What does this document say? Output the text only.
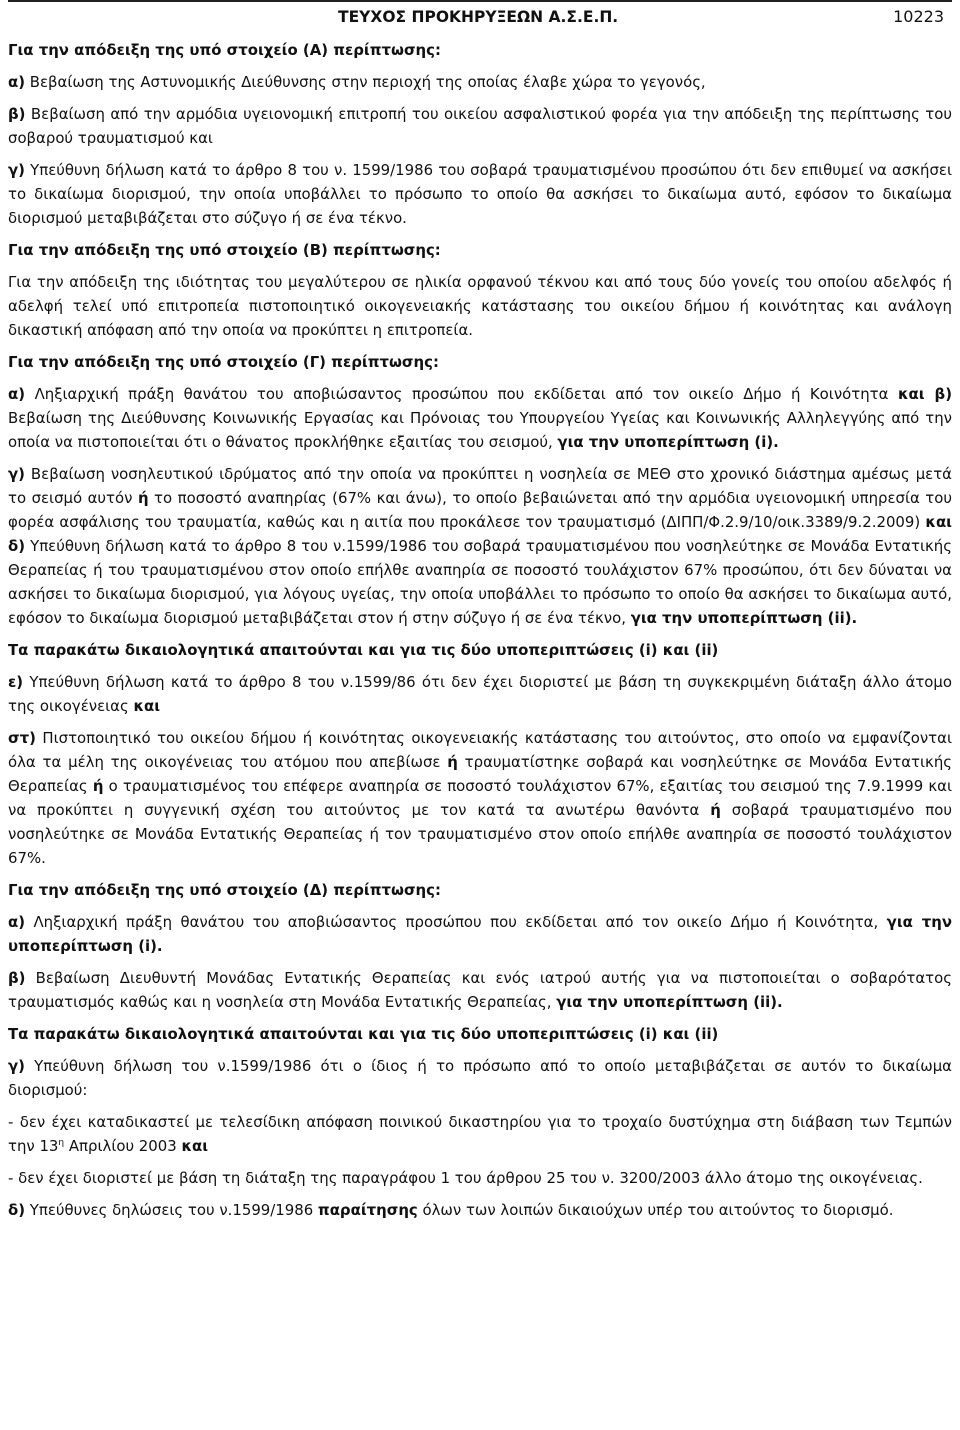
ΤΕΥΧΟΣ ΠΡΟΚΗΡΥΞΕΩΝ Α.Σ.Ε.Π.	10223
Για την απόδειξη της υπό στοιχείο (Α) περίπτωσης:

α) Βεβαίωση της Αστυνομικής Διεύθυνσης στην περιοχή της οποίας έλαβε χώρα το γεγονός,

β) Βεβαίωση από την αρμόδια υγειονομική επιτροπή του οικείου ασφαλιστικού φορέα για την απόδειξη της περίπτωσης του σοβαρού τραυματισμού και

γ) Υπεύθυνη δήλωση κατά το άρθρο 8 του ν. 1599/1986 του σοβαρά τραυματισμένου προσώπου ότι δεν επιθυμεί να ασκήσει το δικαίωμα διορισμού, την οποία υποβάλλει το πρόσωπο το οποίο θα ασκήσει το δικαίωμα αυτό, εφόσον το δικαίωμα διορισμού μεταβιβάζεται στο σύζυγο ή σε ένα τέκνο.

Για την απόδειξη της υπό στοιχείο (Β) περίπτωσης:

Για την απόδειξη της ιδιότητας του μεγαλύτερου σε ηλικία ορφανού τέκνου και από τους δύο γονείς του οποίου αδελφός ή αδελφή τελεί υπό επιτροπεία πιστοποιητικό οικογενειακής κατάστασης του οικείου δήμου ή κοινότητας και ανάλογη δικαστική απόφαση από την οποία να προκύπτει η επιτροπεία.

Για την απόδειξη της υπό στοιχείο (Γ) περίπτωσης:

α) Ληξιαρχική πράξη θανάτου του αποβιώσαντος προσώπου που εκδίδεται από τον οικείο Δήμο ή Κοινότητα και β) Βεβαίωση της Διεύθυνσης Κοινωνικής Εργασίας και Πρόνοιας του Υπουργείου Υγείας και Κοινωνικής Αλληλεγγύης από την οποία να πιστοποιείται ότι ο θάνατος προκλήθηκε εξαιτίας του σεισμού, για την υποπερίπτωση (i).

γ) Βεβαίωση νοσηλευτικού ιδρύματος από την οποία να προκύπτει η νοσηλεία σε ΜΕΘ στο χρονικό διάστημα αμέσως μετά το σεισμό αυτόν ή το ποσοστό αναπηρίας (67% και άνω), το οποίο βεβαιώνεται από την αρμόδια υγειονομική υπηρεσία του φορέα ασφάλισης του τραυματία, καθώς και η αιτία που προκάλεσε τον τραυματισμό (ΔΙΠΠ/Φ.2.9/10/οικ.3389/9.2.2009) και δ) Υπεύθυνη δήλωση κατά το άρθρο 8 του ν.1599/1986 του σοβαρά τραυματισμένου που νοσηλεύτηκε σε Μονάδα Εντατικής Θεραπείας ή του τραυματισμένου στον οποίο επήλθε αναπηρία σε ποσοστό τουλάχιστον 67% προσώπου, ότι δεν δύναται να ασκήσει το δικαίωμα διορισμού, για λόγους υγείας, την οποία υποβάλλει το πρόσωπο το οποίο θα ασκήσει το δικαίωμα αυτό, εφόσον το δικαίωμα διορισμού μεταβιβάζεται στον ή στην σύζυγο ή σε ένα τέκνο, για την υποπερίπτωση (ii).

Τα παρακάτω δικαιολογητικά απαιτούνται και για τις δύο υποπεριπτώσεις (i) και (ii)

ε) Υπεύθυνη δήλωση κατά το άρθρο 8 του ν.1599/86 ότι δεν έχει διοριστεί με βάση τη συγκεκριμένη διάταξη άλλο άτομο της οικογένειας και

στ) Πιστοποιητικό του οικείου δήμου ή κοινότητας οικογενειακής κατάστασης του αιτούντος, στο οποίο να εμφανίζονται όλα τα μέλη της οικογένειας του ατόμου που απεβίωσε ή τραυματίστηκε σοβαρά και νοσηλεύτηκε σε Μονάδα Εντατικής Θεραπείας ή ο τραυματισμένος του επέφερε αναπηρία σε ποσοστό τουλάχιστον 67%, εξαιτίας του σεισμού της 7.9.1999 και να προκύπτει η συγγενική σχέση του αιτούντος με τον κατά τα ανωτέρω θανόντα ή σοβαρά τραυματισμένο που νοσηλεύτηκε σε Μονάδα Εντατικής Θεραπείας ή τον τραυματισμένο στον οποίο επήλθε αναπηρία σε ποσοστό τουλάχιστον 67%.

Για την απόδειξη της υπό στοιχείο (Δ) περίπτωσης:

α) Ληξιαρχική πράξη θανάτου του αποβιώσαντος προσώπου που εκδίδεται από τον οικείο Δήμο ή Κοινότητα, για την υποπερίπτωση (i).

β) Βεβαίωση Διευθυντή Μονάδας Εντατικής Θεραπείας και ενός ιατρού αυτής για να πιστοποιείται ο σοβαρότατος τραυματισμός καθώς και η νοσηλεία στη Μονάδα Εντατικής Θεραπείας, για την υποπερίπτωση (ii).

Τα παρακάτω δικαιολογητικά απαιτούνται και για τις δύο υποπεριπτώσεις (i) και (ii)

γ) Υπεύθυνη δήλωση του ν.1599/1986 ότι ο ίδιος ή το πρόσωπο από το οποίο μεταβιβάζεται σε αυτόν το δικαίωμα διορισμού:

- δεν έχει καταδικαστεί με τελεσίδικη απόφαση ποινικού δικαστηρίου για το τροχαίο δυστύχημα στη διάβαση των Τεμπών την $13^\eta$ Απριλίου 2003 και

- δεν έχει διοριστεί με βάση τη διάταξη της παραγράφου 1 του άρθρου 25 του ν. 3200/2003 άλλο άτομο της οικογένειας.

δ) Υπεύθυνες δηλώσεις του ν.1599/1986 παραίτησης όλων των λοιπών δικαιούχων υπέρ του αιτούντος το διορισμό.
